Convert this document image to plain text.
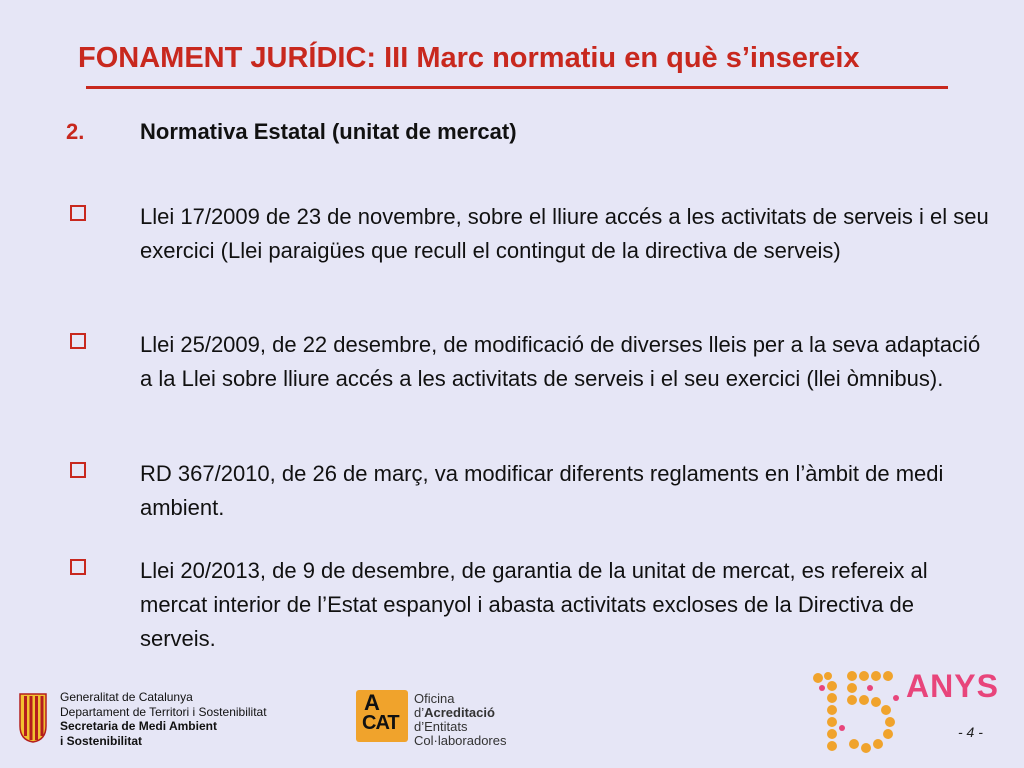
FONAMENT JURÍDIC: III Marc normatiu en què s’insereix
2.	Normativa Estatal (unitat de mercat)
Llei 17/2009 de 23 de novembre, sobre el lliure accés a les activitats de serveis i el seu exercici (Llei paraigües que recull el contingut de la directiva de serveis)
Llei 25/2009, de 22 desembre, de modificació de diverses lleis per a la seva adaptació a la Llei sobre lliure accés a les activitats de serveis i el seu exercici (llei òmnibus).
RD 367/2010, de 26 de març, va modificar diferents reglaments en l’àmbit de medi ambient.
Llei 20/2013, de 9 de desembre, de garantia de la unitat de mercat, es refereix al mercat interior de l’Estat espanyol i abasta activitats excloses de la Directiva de serveis.
Generalitat de Catalunya
Departament de Territori i Sostenibilitat
Secretaria de Medi Ambient
i Sostenibilitat
A
CAT
Oficina
d’Acreditació
d’Entitats
Col·laboradores
ANYS
- 4 -
